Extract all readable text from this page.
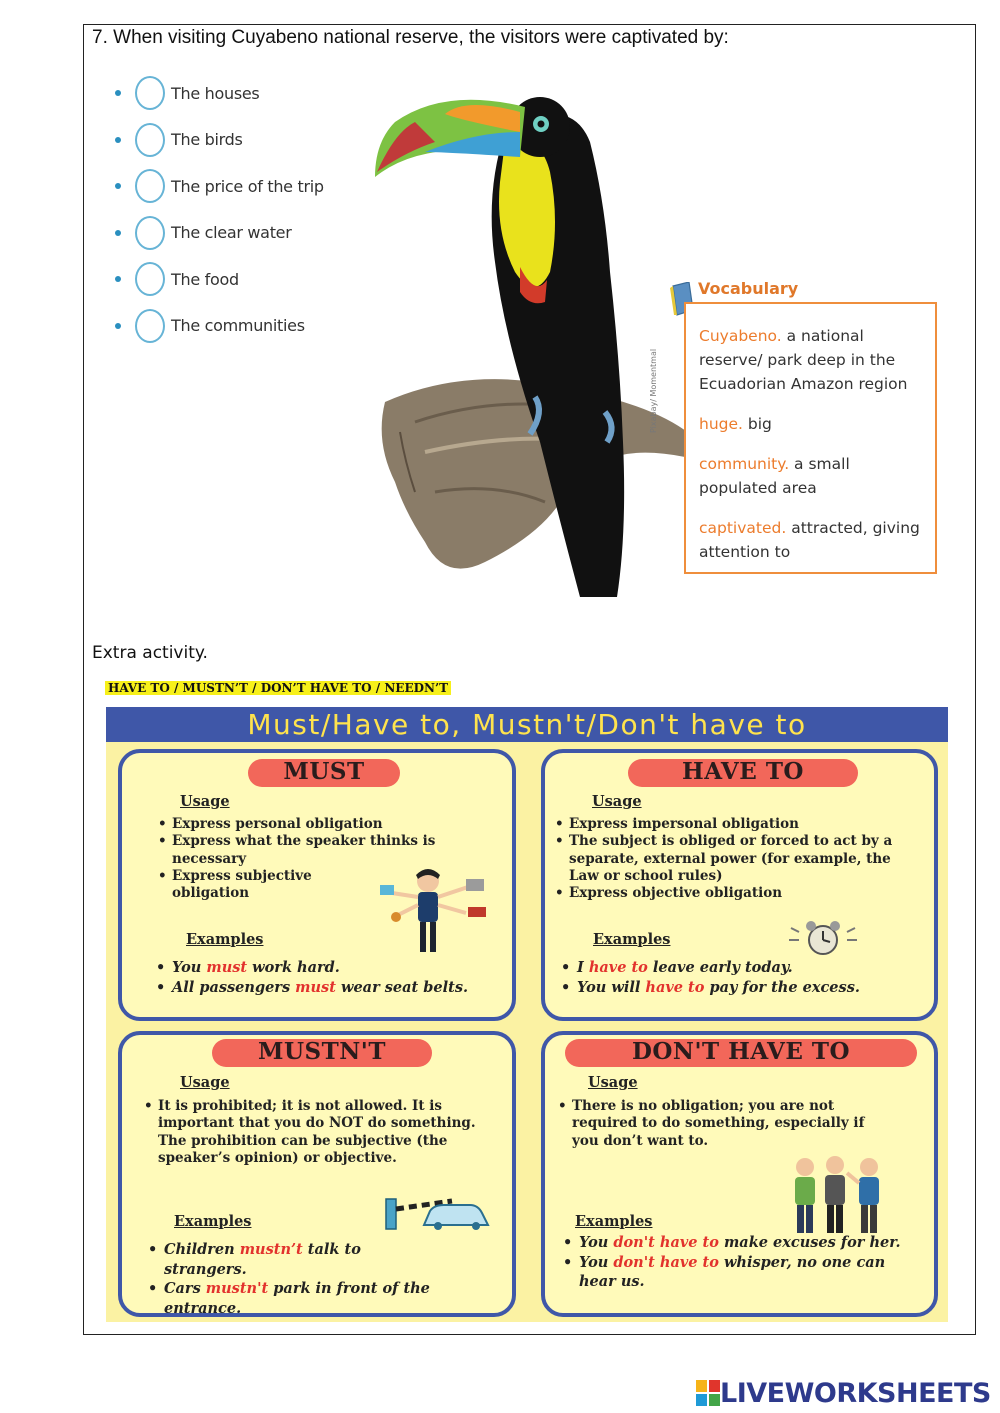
7. When visiting Cuyabeno national reserve, the visitors were captivated by:
The houses
The birds
The price of the trip
The clear water
The food
The communities
Pixabay/ Momentmal
Vocabulary
Cuyabeno. a national reserve/ park deep in the Ecuadorian Amazon region
huge. big
community. a small populated area
captivated. attracted, giving attention to
Extra activity.
HAVE TO / MUSTN’T / DON’T HAVE TO / NEEDN’T
Must/Have to, Mustn't/Don't have to
MUST
Usage
• Express personal obligation
• Express what the speaker thinks is necessary
• Express subjective obligation
Examples
• You must work hard.
• All passengers must wear seat belts.
HAVE TO
Usage
• Express impersonal obligation
• The subject is obliged or forced to act by a separate, external power (for example, the Law or school rules)
• Express objective obligation
Examples
• I have to leave early today.
• You will have to pay for the excess.
MUSTN'T
Usage
• It is prohibited; it is not allowed. It is important that you do NOT do something. The prohibition can be subjective (the speaker’s opinion) or objective.
Examples
• Children mustn’t talk to strangers.
• Cars mustn't park in front of the entrance.
DON'T HAVE TO
Usage
• There is no obligation; you are not required to do something, especially if you don’t want to.
Examples
• You don't have to make excuses for her.
• You don't have to whisper, no one can hear us.
LIVEWORKSHEETS
